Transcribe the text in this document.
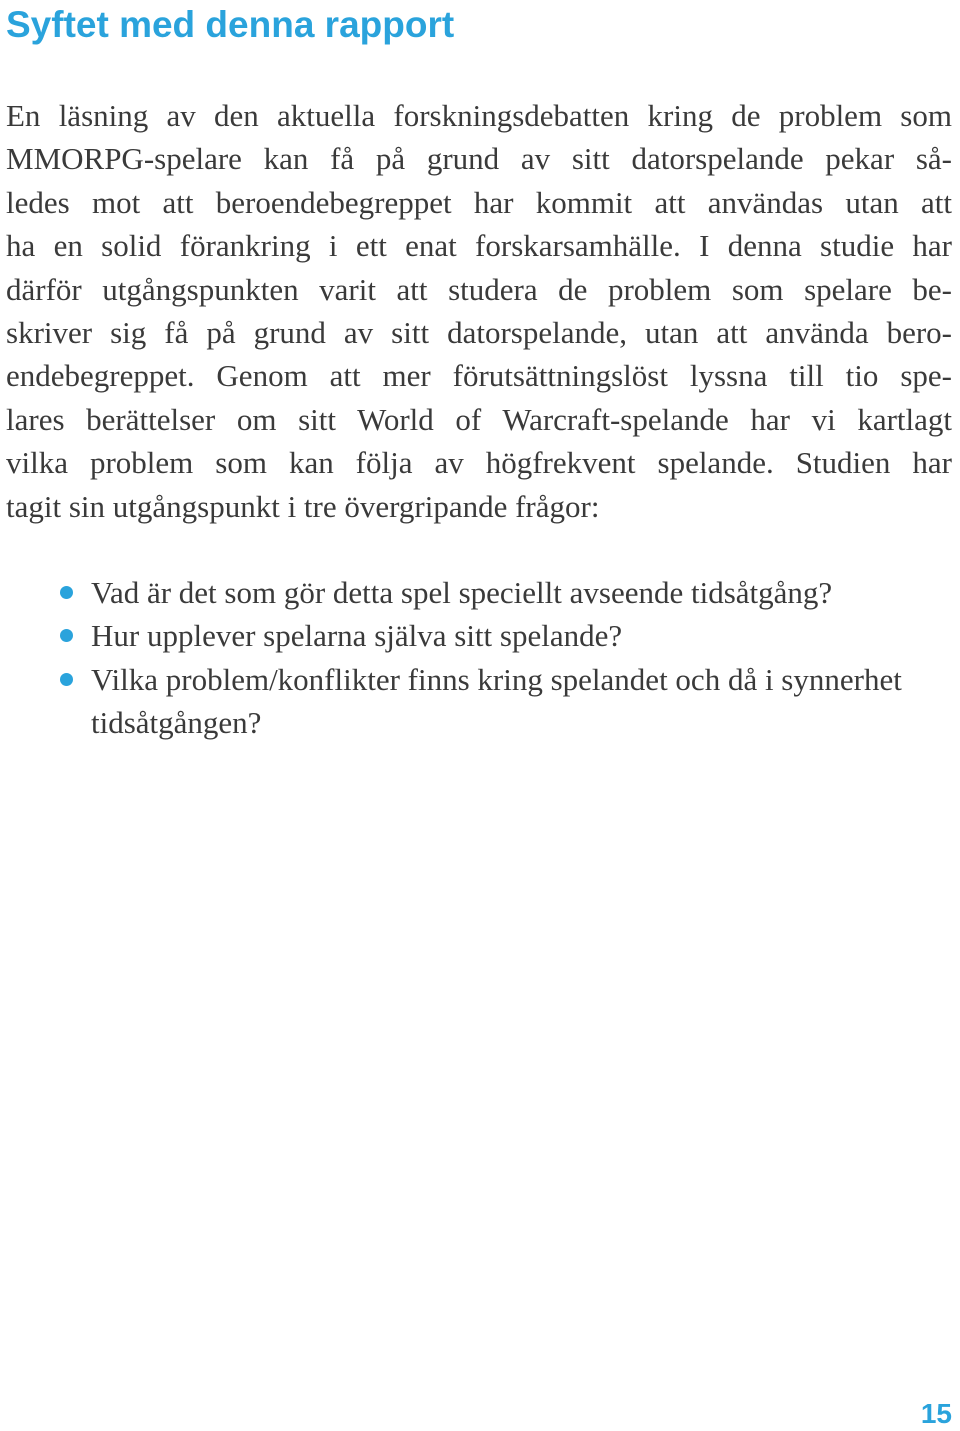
Syftet med denna rapport
En läsning av den aktuella forskningsdebatten kring de problem som
MMORPG-spelare kan få på grund av sitt datorspelande pekar så-
ledes mot att beroendebegreppet har kommit att användas utan att
ha en solid förankring i ett enat forskarsamhälle. I denna studie har
därför utgångspunkten varit att studera de problem som spelare be-
skriver sig få på grund av sitt datorspelande, utan att använda bero-
endebegreppet. Genom att mer förutsättningslöst lyssna till tio spe-
lares berättelser om sitt World of Warcraft-spelande har vi kartlagt
vilka problem som kan följa av högfrekvent spelande. Studien har
tagit sin utgångspunkt i tre övergripande frågor:
Vad är det som gör detta spel speciellt avseende tidsåtgång?
Hur upplever spelarna själva sitt spelande?
Vilka problem/konflikter finns kring spelandet och då i synnerhet tidsåtgången?
15
